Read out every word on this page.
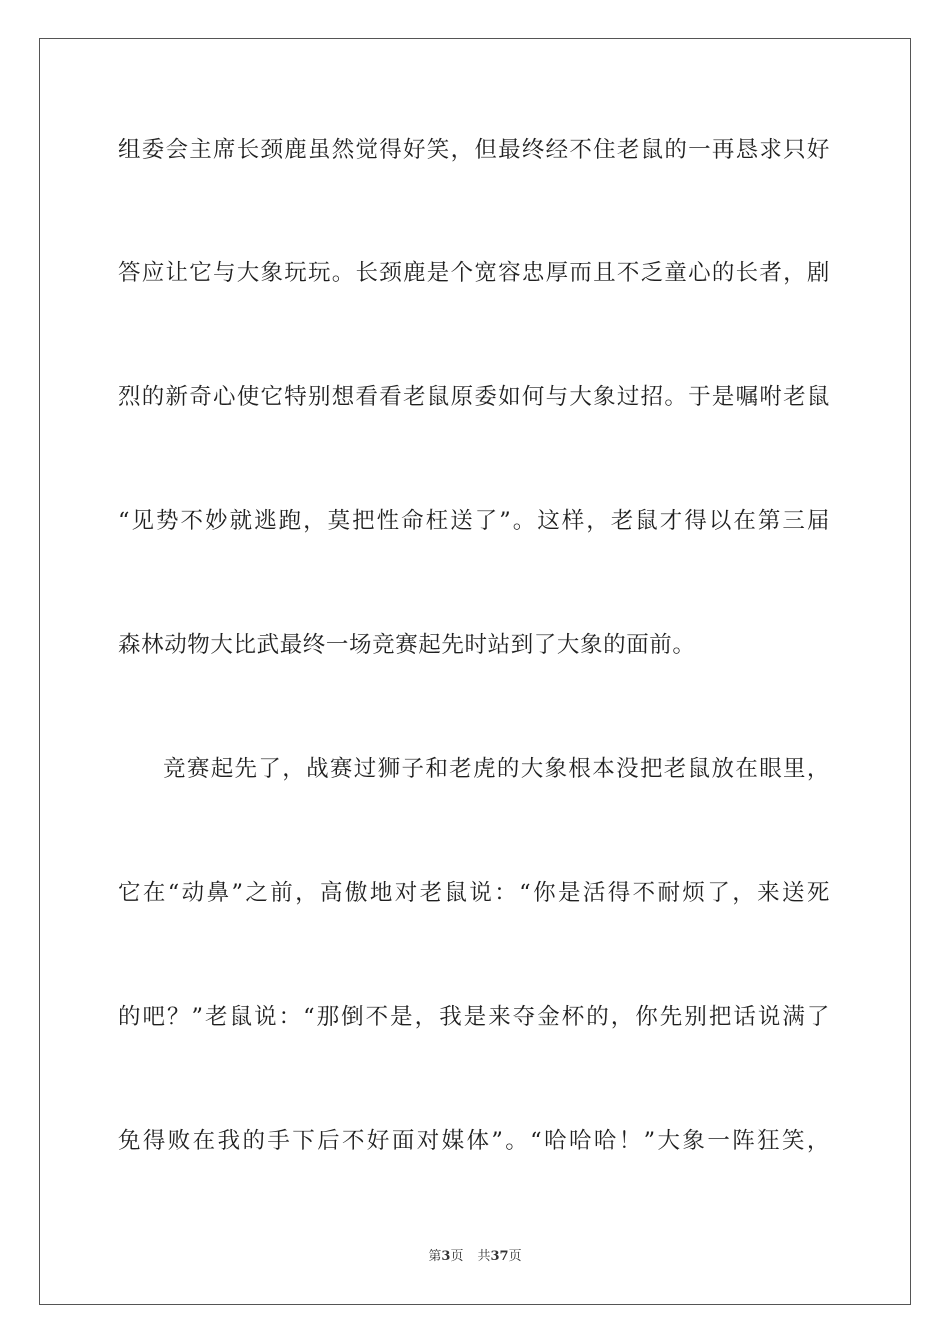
组委会主席长颈鹿虽然觉得好笑，但最终经不住老鼠的一再恳求只好
答应让它与大象玩玩。长颈鹿是个宽容忠厚而且不乏童心的长者，剧
烈的新奇心使它特别想看看老鼠原委如何与大象过招。于是嘱咐老鼠
“见势不妙就逃跑，莫把性命枉送了”。这样，老鼠才得以在第三届
森林动物大比武最终一场竞赛起先时站到了大象的面前。
竞赛起先了，战赛过狮子和老虎的大象根本没把老鼠放在眼里，
它在“动鼻”之前，高傲地对老鼠说：“你是活得不耐烦了，来送死
的吧？”老鼠说：“那倒不是，我是来夺金杯的，你先别把话说满了
免得败在我的手下后不好面对媒体”。“哈哈哈！”大象一阵狂笑，
第3页 共37页
